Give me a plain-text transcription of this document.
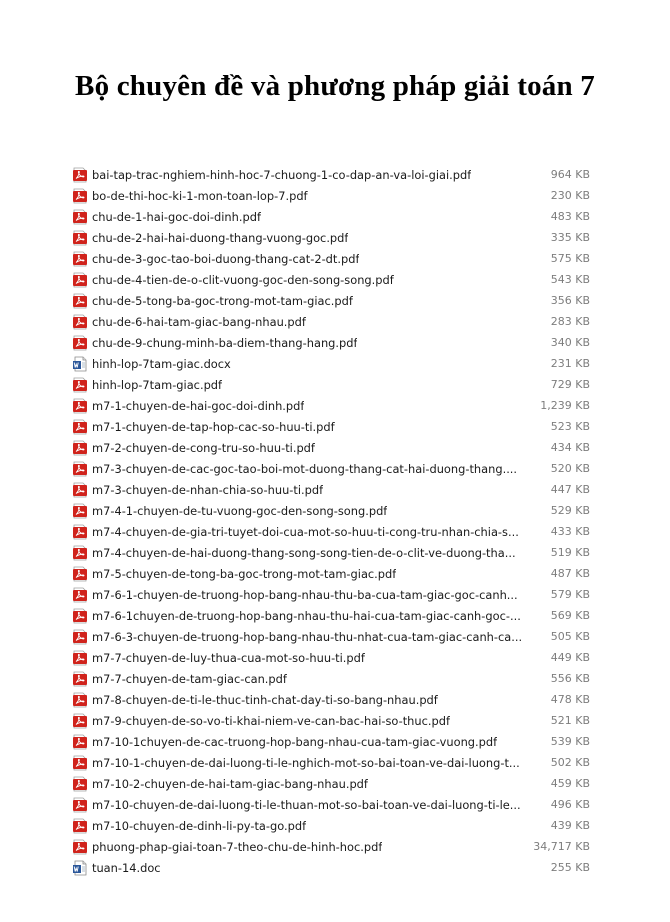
Bộ chuyên đề và phương pháp giải toán 7
bai-tap-trac-nghiem-hinh-hoc-7-chuong-1-co-dap-an-va-loi-giai.pdf	964 KB
bo-de-thi-hoc-ki-1-mon-toan-lop-7.pdf	230 KB
chu-de-1-hai-goc-doi-dinh.pdf	483 KB
chu-de-2-hai-hai-duong-thang-vuong-goc.pdf	335 KB
chu-de-3-goc-tao-boi-duong-thang-cat-2-dt.pdf	575 KB
chu-de-4-tien-de-o-clit-vuong-goc-den-song-song.pdf	543 KB
chu-de-5-tong-ba-goc-trong-mot-tam-giac.pdf	356 KB
chu-de-6-hai-tam-giac-bang-nhau.pdf	283 KB
chu-de-9-chung-minh-ba-diem-thang-hang.pdf	340 KB
hinh-lop-7tam-giac.docx	231 KB
hinh-lop-7tam-giac.pdf	729 KB
m7-1-chuyen-de-hai-goc-doi-dinh.pdf	1,239 KB
m7-1-chuyen-de-tap-hop-cac-so-huu-ti.pdf	523 KB
m7-2-chuyen-de-cong-tru-so-huu-ti.pdf	434 KB
m7-3-chuyen-de-cac-goc-tao-boi-mot-duong-thang-cat-hai-duong-thang....	520 KB
m7-3-chuyen-de-nhan-chia-so-huu-ti.pdf	447 KB
m7-4-1-chuyen-de-tu-vuong-goc-den-song-song.pdf	529 KB
m7-4-chuyen-de-gia-tri-tuyet-doi-cua-mot-so-huu-ti-cong-tru-nhan-chia-s...	433 KB
m7-4-chuyen-de-hai-duong-thang-song-song-tien-de-o-clit-ve-duong-tha...	519 KB
m7-5-chuyen-de-tong-ba-goc-trong-mot-tam-giac.pdf	487 KB
m7-6-1-chuyen-de-truong-hop-bang-nhau-thu-ba-cua-tam-giac-goc-canh...	579 KB
m7-6-1chuyen-de-truong-hop-bang-nhau-thu-hai-cua-tam-giac-canh-goc-...	569 KB
m7-6-3-chuyen-de-truong-hop-bang-nhau-thu-nhat-cua-tam-giac-canh-ca...	505 KB
m7-7-chuyen-de-luy-thua-cua-mot-so-huu-ti.pdf	449 KB
m7-7-chuyen-de-tam-giac-can.pdf	556 KB
m7-8-chuyen-de-ti-le-thuc-tinh-chat-day-ti-so-bang-nhau.pdf	478 KB
m7-9-chuyen-de-so-vo-ti-khai-niem-ve-can-bac-hai-so-thuc.pdf	521 KB
m7-10-1chuyen-de-cac-truong-hop-bang-nhau-cua-tam-giac-vuong.pdf	539 KB
m7-10-1-chuyen-de-dai-luong-ti-le-nghich-mot-so-bai-toan-ve-dai-luong-t...	502 KB
m7-10-2-chuyen-de-hai-tam-giac-bang-nhau.pdf	459 KB
m7-10-chuyen-de-dai-luong-ti-le-thuan-mot-so-bai-toan-ve-dai-luong-ti-le...	496 KB
m7-10-chuyen-de-dinh-li-py-ta-go.pdf	439 KB
phuong-phap-giai-toan-7-theo-chu-de-hinh-hoc.pdf	34,717 KB
tuan-14.doc	255 KB
